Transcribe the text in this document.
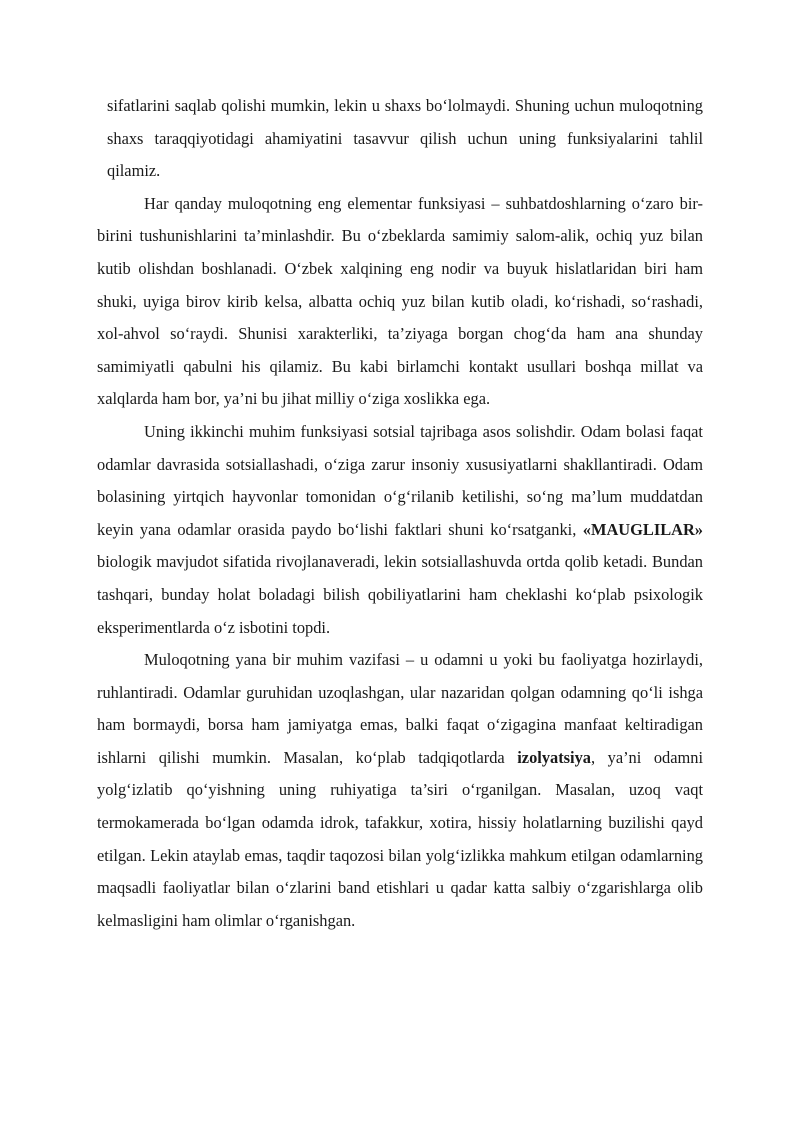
sifatlarini saqlab qolishi mumkin, lekin u shaxs bo‘lolmaydi. Shuning uchun muloqotning shaxs taraqqiyotidagi ahamiyatini tasavvur qilish uchun uning funksiyalarini tahlil qilamiz.

Har qanday muloqotning eng elementar funksiyasi – suhbatdoshlarning o‘zaro bir-birini tushunishlarini ta’minlashdir. Bu o‘zbeklarda samimiy salom-alik, ochiq yuz bilan kutib olishdan boshlanadi. O‘zbek xalqining eng nodir va buyuk hislatlaridan biri ham shuki, uyiga birov kirib kelsa, albatta ochiq yuz bilan kutib oladi, ko‘rishadi, so‘rashadi, xol-ahvol so‘raydi. Shunisi xarakterliki, ta’ziyaga borgan chog‘da ham ana shunday samimiyatli qabulni his qilamiz. Bu kabi birlamchi kontakt usullari boshqa millat va xalqlarda ham bor, ya’ni bu jihat milliy o‘ziga xoslikka ega.

Uning ikkinchi muhim funksiyasi sotsial tajribaga asos solishdir. Odam bolasi faqat odamlar davrasida sotsiallashadi, o‘ziga zarur insoniy xususiyatlarni shakllantiradi. Odam bolasining yirtqich hayvonlar tomonidan o‘g‘rilanib ketilishi, so‘ng ma’lum muddatdan keyin yana odamlar orasida paydo bo‘lishi faktlari shuni ko‘rsatganki, «MAUGLILAR» biologik mavjudot sifatida rivojlanaveradi, lekin sotsiallashuvda ortda qolib ketadi. Bundan tashqari, bunday holat boladagi bilish qobiliyatlarini ham cheklashi ko‘plab psixologik eksperimentlarda o‘z isbotini topdi.

Muloqotning yana bir muhim vazifasi – u odamni u yoki bu faoliyatga hozirlaydi, ruhlantiradi. Odamlar guruhidan uzoqlashgan, ular nazaridan qolgan odamning qo‘li ishga ham bormaydi, borsa ham jamiyatga emas, balki faqat o‘zigagina manfaat keltiradigan ishlarni qilishi mumkin. Masalan, ko‘plab tadqiqotlarda izolyatsiya, ya’ni odamni yolg‘izlatib qo‘yishning uning ruhiyatiga ta’siri o‘rganilgan. Masalan, uzoq vaqt termokamerada bo‘lgan odamda idrok, tafakkur, xotira, hissiy holatlarning buzilishi qayd etilgan. Lekin ataylab emas, taqdir taqozosi bilan yolg‘izlikka mahkum etilgan odamlarning maqsadli faoliyatlar bilan o‘zlarini band etishlari u qadar katta salbiy o‘zgarishlarga olib kelmasligini ham olimlar o‘rganishgan.
